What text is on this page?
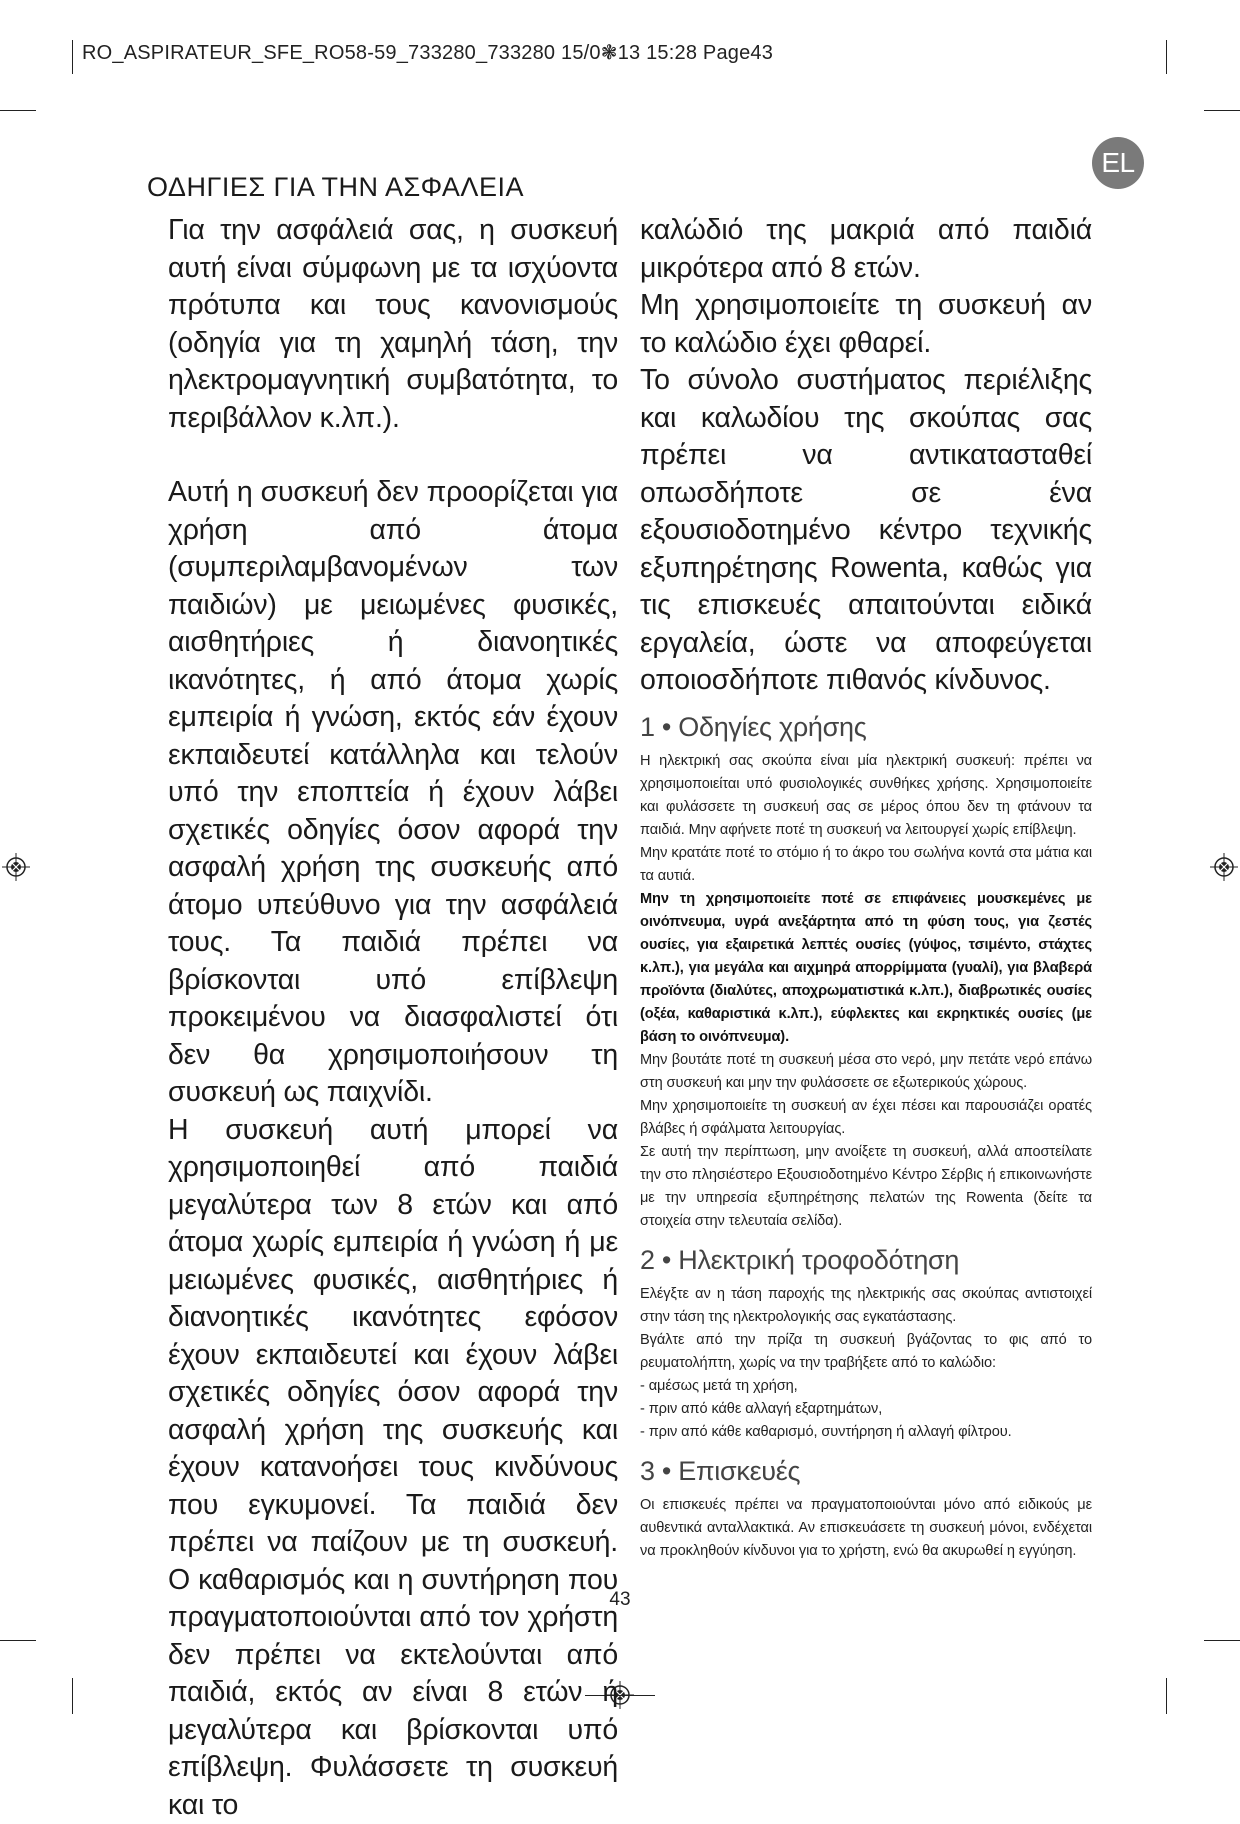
RO_ASPIRATEUR_SFE_RO58-59_733280_733280 15/0❃13 15:28 Page43
EL
ΟΔΗΓΙΕΣ ΓΙΑ ΤΗΝ ΑΣΦΑΛΕΙΑ

Για την ασφάλειά σας, η συσκευή αυτή είναι σύμφωνη με τα ισχύοντα πρότυπα και τους κανονισμούς (οδηγία για τη χαμηλή τάση, την ηλεκτρομαγνητική συμβατότητα, το περιβάλλον κ.λπ.).

Αυτή η συσκευή δεν προορίζεται για χρήση από άτομα (συμπεριλαμβανομένων των παιδιών) με μειωμένες φυσικές, αισθητήριες ή διανοητικές ικανότητες, ή από άτομα χωρίς εμπειρία ή γνώση, εκτός εάν έχουν εκπαιδευτεί κατάλληλα και τελούν υπό την εποπτεία ή έχουν λάβει σχετικές οδηγίες όσον αφορά την ασφαλή χρήση της συσκευής από άτομο υπεύθυνο για την ασφάλειά τους. Τα παιδιά πρέπει να βρίσκονται υπό επίβλεψη προκειμένου να διασφαλιστεί ότι δεν θα χρησιμοποιήσουν τη συσκευή ως παιχνίδι.

Η συσκευή αυτή μπορεί να χρησιμοποιηθεί από παιδιά μεγαλύτερα των 8 ετών και από άτομα χωρίς εμπειρία ή γνώση ή με μειωμένες φυσικές, αισθητήριες ή διανοητικές ικανότητες εφόσον έχουν εκπαιδευτεί και έχουν λάβει σχετικές οδηγίες όσον αφορά την ασφαλή χρήση της συσκευής και έχουν κατανοήσει τους κινδύνους που εγκυμονεί. Τα παιδιά δεν πρέπει να παίζουν με τη συσκευή. Ο καθαρισμός και η συντήρηση που πραγματοποιούνται από τον χρήστη δεν πρέπει να εκτελούνται από παιδιά, εκτός αν είναι 8 ετών ή μεγαλύτερα και βρίσκονται υπό επίβλεψη. Φυλάσσετε τη συσκευή και το

καλώδιό της μακριά από παιδιά μικρότερα από 8 ετών.

Μη χρησιμοποιείτε τη συσκευή αν το καλώδιο έχει φθαρεί.

Το σύνολο συστήματος περιέλιξης και καλωδίου της σκούπας σας πρέπει να αντικατασταθεί οπωσδήποτε σε ένα εξουσιοδοτημένο κέντρο τεχνικής εξυπηρέτησης Rowenta, καθώς για τις επισκευές απαιτούνται ειδικά εργαλεία, ώστε να αποφεύγεται οποιοσδήποτε πιθανός κίνδυνος.

1 • Οδηγίες χρήσης

Η ηλεκτρική σας σκούπα είναι μία ηλεκτρική συσκευή: πρέπει να χρησιμοποιείται υπό φυσιολογικές συνθήκες χρήσης. Χρησιμοποιείτε και φυλάσσετε τη συσκευή σας σε μέρος όπου δεν τη φτάνουν τα παιδιά. Μην αφήνετε ποτέ τη συσκευή να λειτουργεί χωρίς επίβλεψη.

Μην κρατάτε ποτέ το στόμιο ή το άκρο του σωλήνα κοντά στα μάτια και τα αυτιά.

Μην τη χρησιμοποιείτε ποτέ σε επιφάνειες μουσκεμένες με οινόπνευμα, υγρά ανεξάρτητα από τη φύση τους, για ζεστές ουσίες, για εξαιρετικά λεπτές ουσίες (γύψος, τσιμέντο, στάχτες κ.λπ.), για μεγάλα και αιχμηρά απορρίμματα (γυαλί), για βλαβερά προϊόντα (διαλύτες, αποχρωματιστικά κ.λπ.), διαβρωτικές ουσίες (οξέα, καθαριστικά κ.λπ.), εύφλεκτες και εκρηκτικές ουσίες (με βάση το οινόπνευμα).

Μην βουτάτε ποτέ τη συσκευή μέσα στο νερό, μην πετάτε νερό επάνω στη συσκευή και μην την φυλάσσετε σε εξωτερικούς χώρους.

Μην χρησιμοποιείτε τη συσκευή αν έχει πέσει και παρουσιάζει ορατές βλάβες ή σφάλματα λειτουργίας.

Σε αυτή την περίπτωση, μην ανοίξετε τη συσκευή, αλλά αποστείλατε την στο πλησιέστερο Εξουσιοδοτημένο Κέντρο Σέρβις ή επικοινωνήστε με την υπηρεσία εξυπηρέτησης πελατών της Rowenta (δείτε τα στοιχεία στην τελευταία σελίδα).

2 • Ηλεκτρική τροφοδότηση

Ελέγξτε αν η τάση παροχής της ηλεκτρικής σας σκούπας αντιστοιχεί στην τάση της ηλεκτρολογικής σας εγκατάστασης.

Βγάλτε από την πρίζα τη συσκευή βγάζοντας το φις από το ρευματολήπτη, χωρίς να την τραβήξετε από το καλώδιο:

- αμέσως μετά τη χρήση,

- πριν από κάθε αλλαγή εξαρτημάτων,

- πριν από κάθε καθαρισμό, συντήρηση ή αλλαγή φίλτρου.

3 • Επισκευές

Οι επισκευές πρέπει να πραγματοποιούνται μόνο από ειδικούς με αυθεντικά ανταλλακτικά. Αν επισκευάσετε τη συσκευή μόνοι, ενδέχεται να προκληθούν κίνδυνοι για το χρήστη, ενώ θα ακυρωθεί η εγγύηση.

43
